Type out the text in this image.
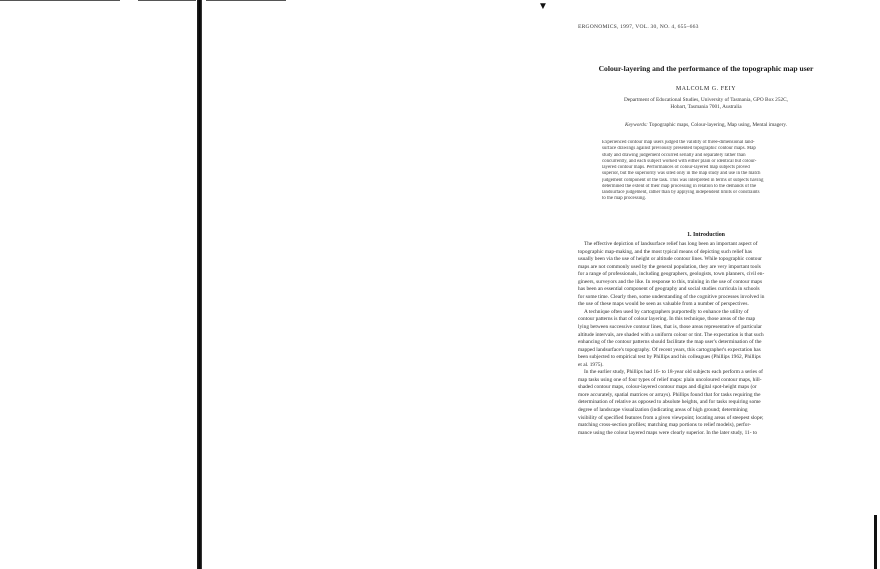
▼
ERGONOMICS, 1997, VOL. 30, NO. 4, 655–663
Colour-layering and the performance of the topographic map user
MALCOLM G. FEIY
Department of Educational Studies, University of Tasmania, GPO Box 252C,
Hobart, Tasmania 7001, Australia
Keywords: Topographic maps, Colour-layering, Map using, Mental imagery.
Experienced contour map users judged the validity of three-dimensional land-
surface drawings against previously presented topographic contour maps. Map
study and drawing judgement occurred serially and separately rather than
concurrently, and each subject worked with either plain or identical but colour-
layered contour maps. Performances of colour-layered map subjects proved
superior, but the superiority was sited only in the map study and use in the match
judgement component of the task. This was interpreted in terms of subjects having
determined the extent of their map processing in relation to the demands of the
landsurface judgement, rather than by applying independent limits or constraints
to the map processing.
1. Introduction
The effective depiction of landsurface relief has long been an important aspect of
topographic map-making, and the most typical means of depicting such relief has
usually been via the use of height or altitude contour lines. While topographic contour
maps are not commonly used by the general population, they are very important tools
for a range of professionals, including geographers, geologists, town planners, civil en-
gineers, surveyors and the like. In response to this, training in the use of contour maps
has been an essential component of geography and social studies curricula in schools
for some time. Clearly then, some understanding of the cognitive processes involved in
the use of these maps would be seen as valuable from a number of perspectives.
A technique often used by cartographers purportedly to enhance the utility of
contour patterns is that of colour layering. In this technique, those areas of the map
lying between successive contour lines, that is, those areas representative of particular
altitude intervals, are shaded with a uniform colour or tint. The expectation is that such
enhancing of the contour patterns should facilitate the map user's determination of the
mapped landsurface's topography. Of recent years, this cartographer's expectation has
been subjected to empirical test by Phillips and his colleagues (Phillips 1962, Phillips
et al. 1975).
In the earlier study, Phillips had 16- to 18-year old subjects each perform a series of
map tasks using one of four types of relief maps: plain uncoloured contour maps, hill-
shaded contour maps, colour-layered contour maps and digital spot-height maps (or
more accurately, spatial matrices or arrays). Phillips found that for tasks requiring the
determination of relative as opposed to absolute heights, and for tasks requiring some
degree of landscape visualization (indicating areas of high ground; determining
visibility of specified features from a given viewpoint; locating areas of steepest slope;
matching cross-section profiles; matching map portions to relief models), perfor-
mance using the colour layered maps were clearly superior. In the later study, 11- to
